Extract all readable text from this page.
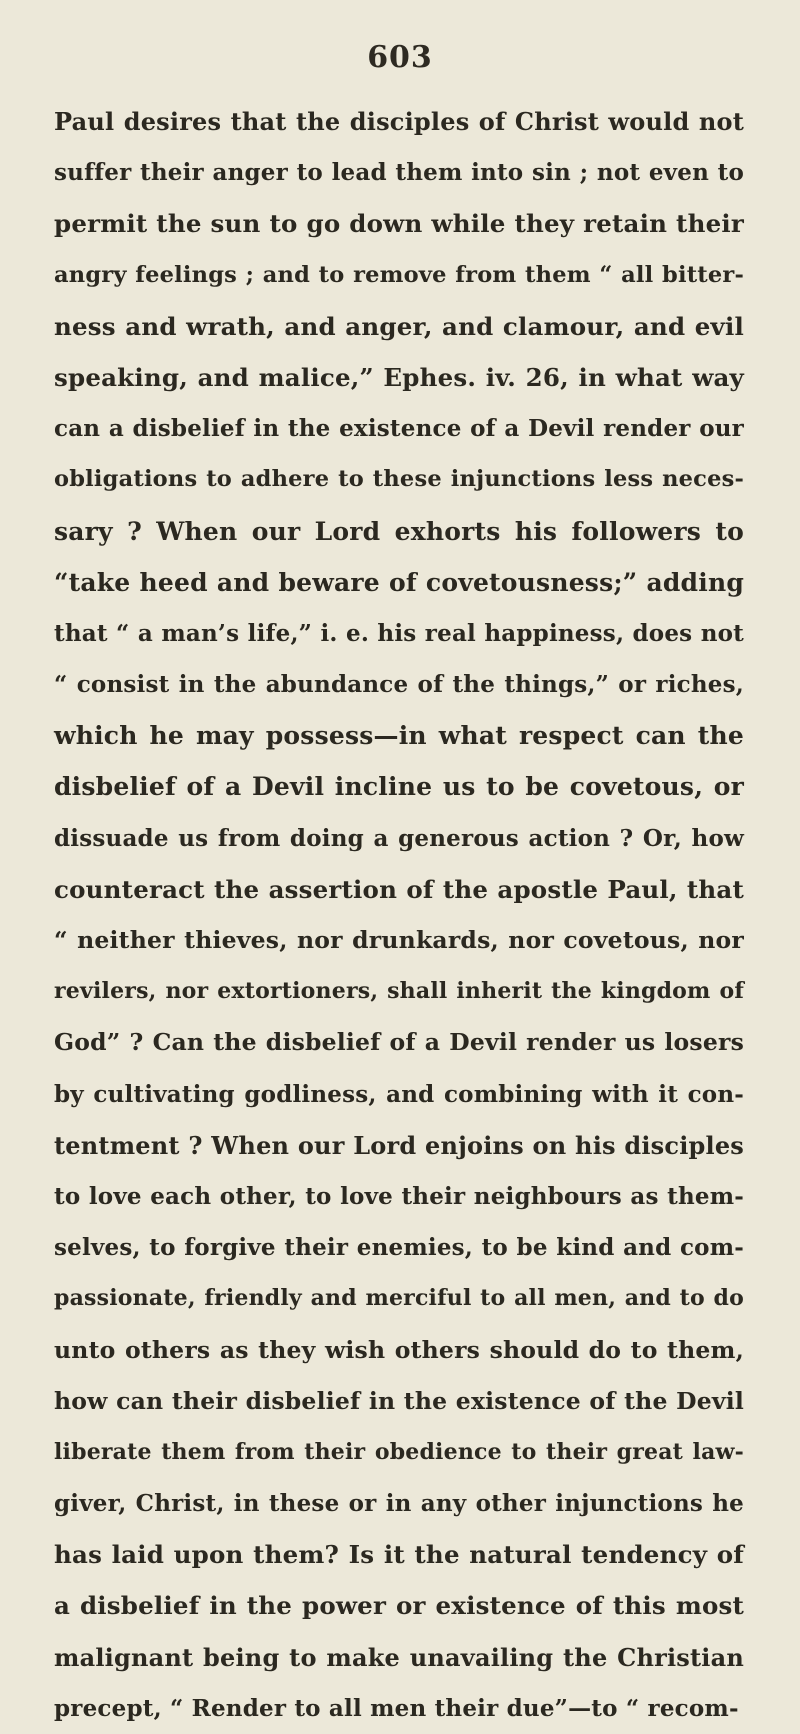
603
Paul desires that the disciples of Christ would not
suffer their anger to lead them into sin ; not even to
permit the sun to go down while they retain their
angry feelings ; and to remove from them “ all bitter-
ness and wrath, and anger, and clamour, and evil
speaking, and malice,” Ephes. iv. 26, in what way
can a disbelief in the existence of a Devil render our
obligations to adhere to these injunctions less neces-
sary ? When our Lord exhorts his followers to
“take heed and beware of covetousness;” adding
that “ a man’s life,” i. e. his real happiness, does not
“ consist in the abundance of the things,” or riches,
which he may possess—in what respect can the
disbelief of a Devil incline us to be covetous, or
dissuade us from doing a generous action ? Or, how
counteract the assertion of the apostle Paul, that
“ neither thieves, nor drunkards, nor covetous, nor
revilers, nor extortioners, shall inherit the kingdom of
God” ? Can the disbelief of a Devil render us losers
by cultivating godliness, and combining with it con-
tentment ? When our Lord enjoins on his disciples
to love each other, to love their neighbours as them-
selves, to forgive their enemies, to be kind and com-
passionate, friendly and merciful to all men, and to do
unto others as they wish others should do to them,
how can their disbelief in the existence of the Devil
liberate them from their obedience to their great law-
giver, Christ, in these or in any other injunctions he
has laid upon them? Is it the natural tendency of
a disbelief in the power or existence of this most
malignant being to make unavailing the Christian
precept, “ Render to all men their due”—to “ recom-
